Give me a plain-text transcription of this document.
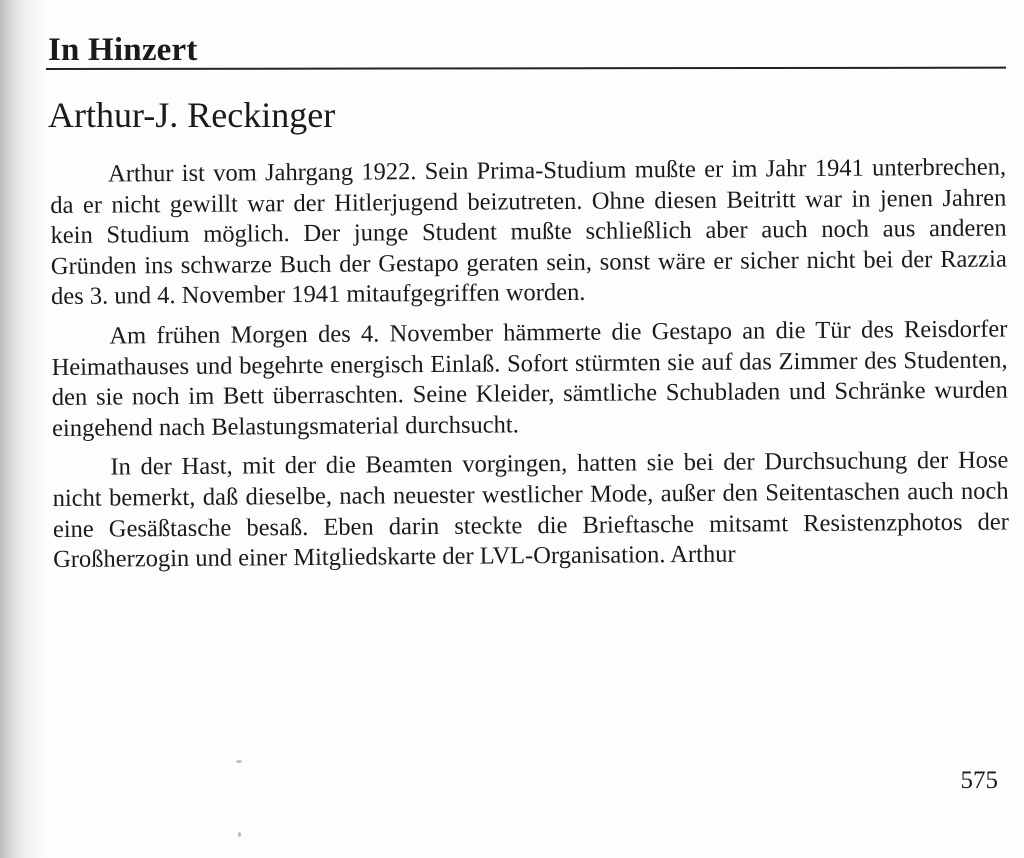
In Hinzert
Arthur-J. Reckinger

Arthur ist vom Jahrgang 1922. Sein Prima-Studium mußte er im Jahr 1941 unterbrechen, da er nicht gewillt war der Hitlerjugend beizutreten. Ohne diesen Beitritt war in jenen Jahren kein Studium möglich. Der junge Student mußte schließlich aber auch noch aus anderen Gründen ins schwarze Buch der Gestapo geraten sein, sonst wäre er sicher nicht bei der Razzia des 3. und 4. November 1941 mitaufgegriffen worden.

Am frühen Morgen des 4. November hämmerte die Gestapo an die Tür des Reisdorfer Heimathauses und begehrte energisch Einlaß. Sofort stürmten sie auf das Zimmer des Studenten, den sie noch im Bett überraschten. Seine Kleider, sämtliche Schubladen und Schränke wurden eingehend nach Belastungsmaterial durchsucht.

In der Hast, mit der die Beamten vorgingen, hatten sie bei der Durchsuchung der Hose nicht bemerkt, daß dieselbe, nach neuester westlicher Mode, außer den Seitentaschen auch noch eine Gesäßtasche besaß. Eben darin steckte die Brieftasche mitsamt Resistenzphotos der Großherzogin und einer Mitgliedskarte der LVL-Organisation. Arthur

575
